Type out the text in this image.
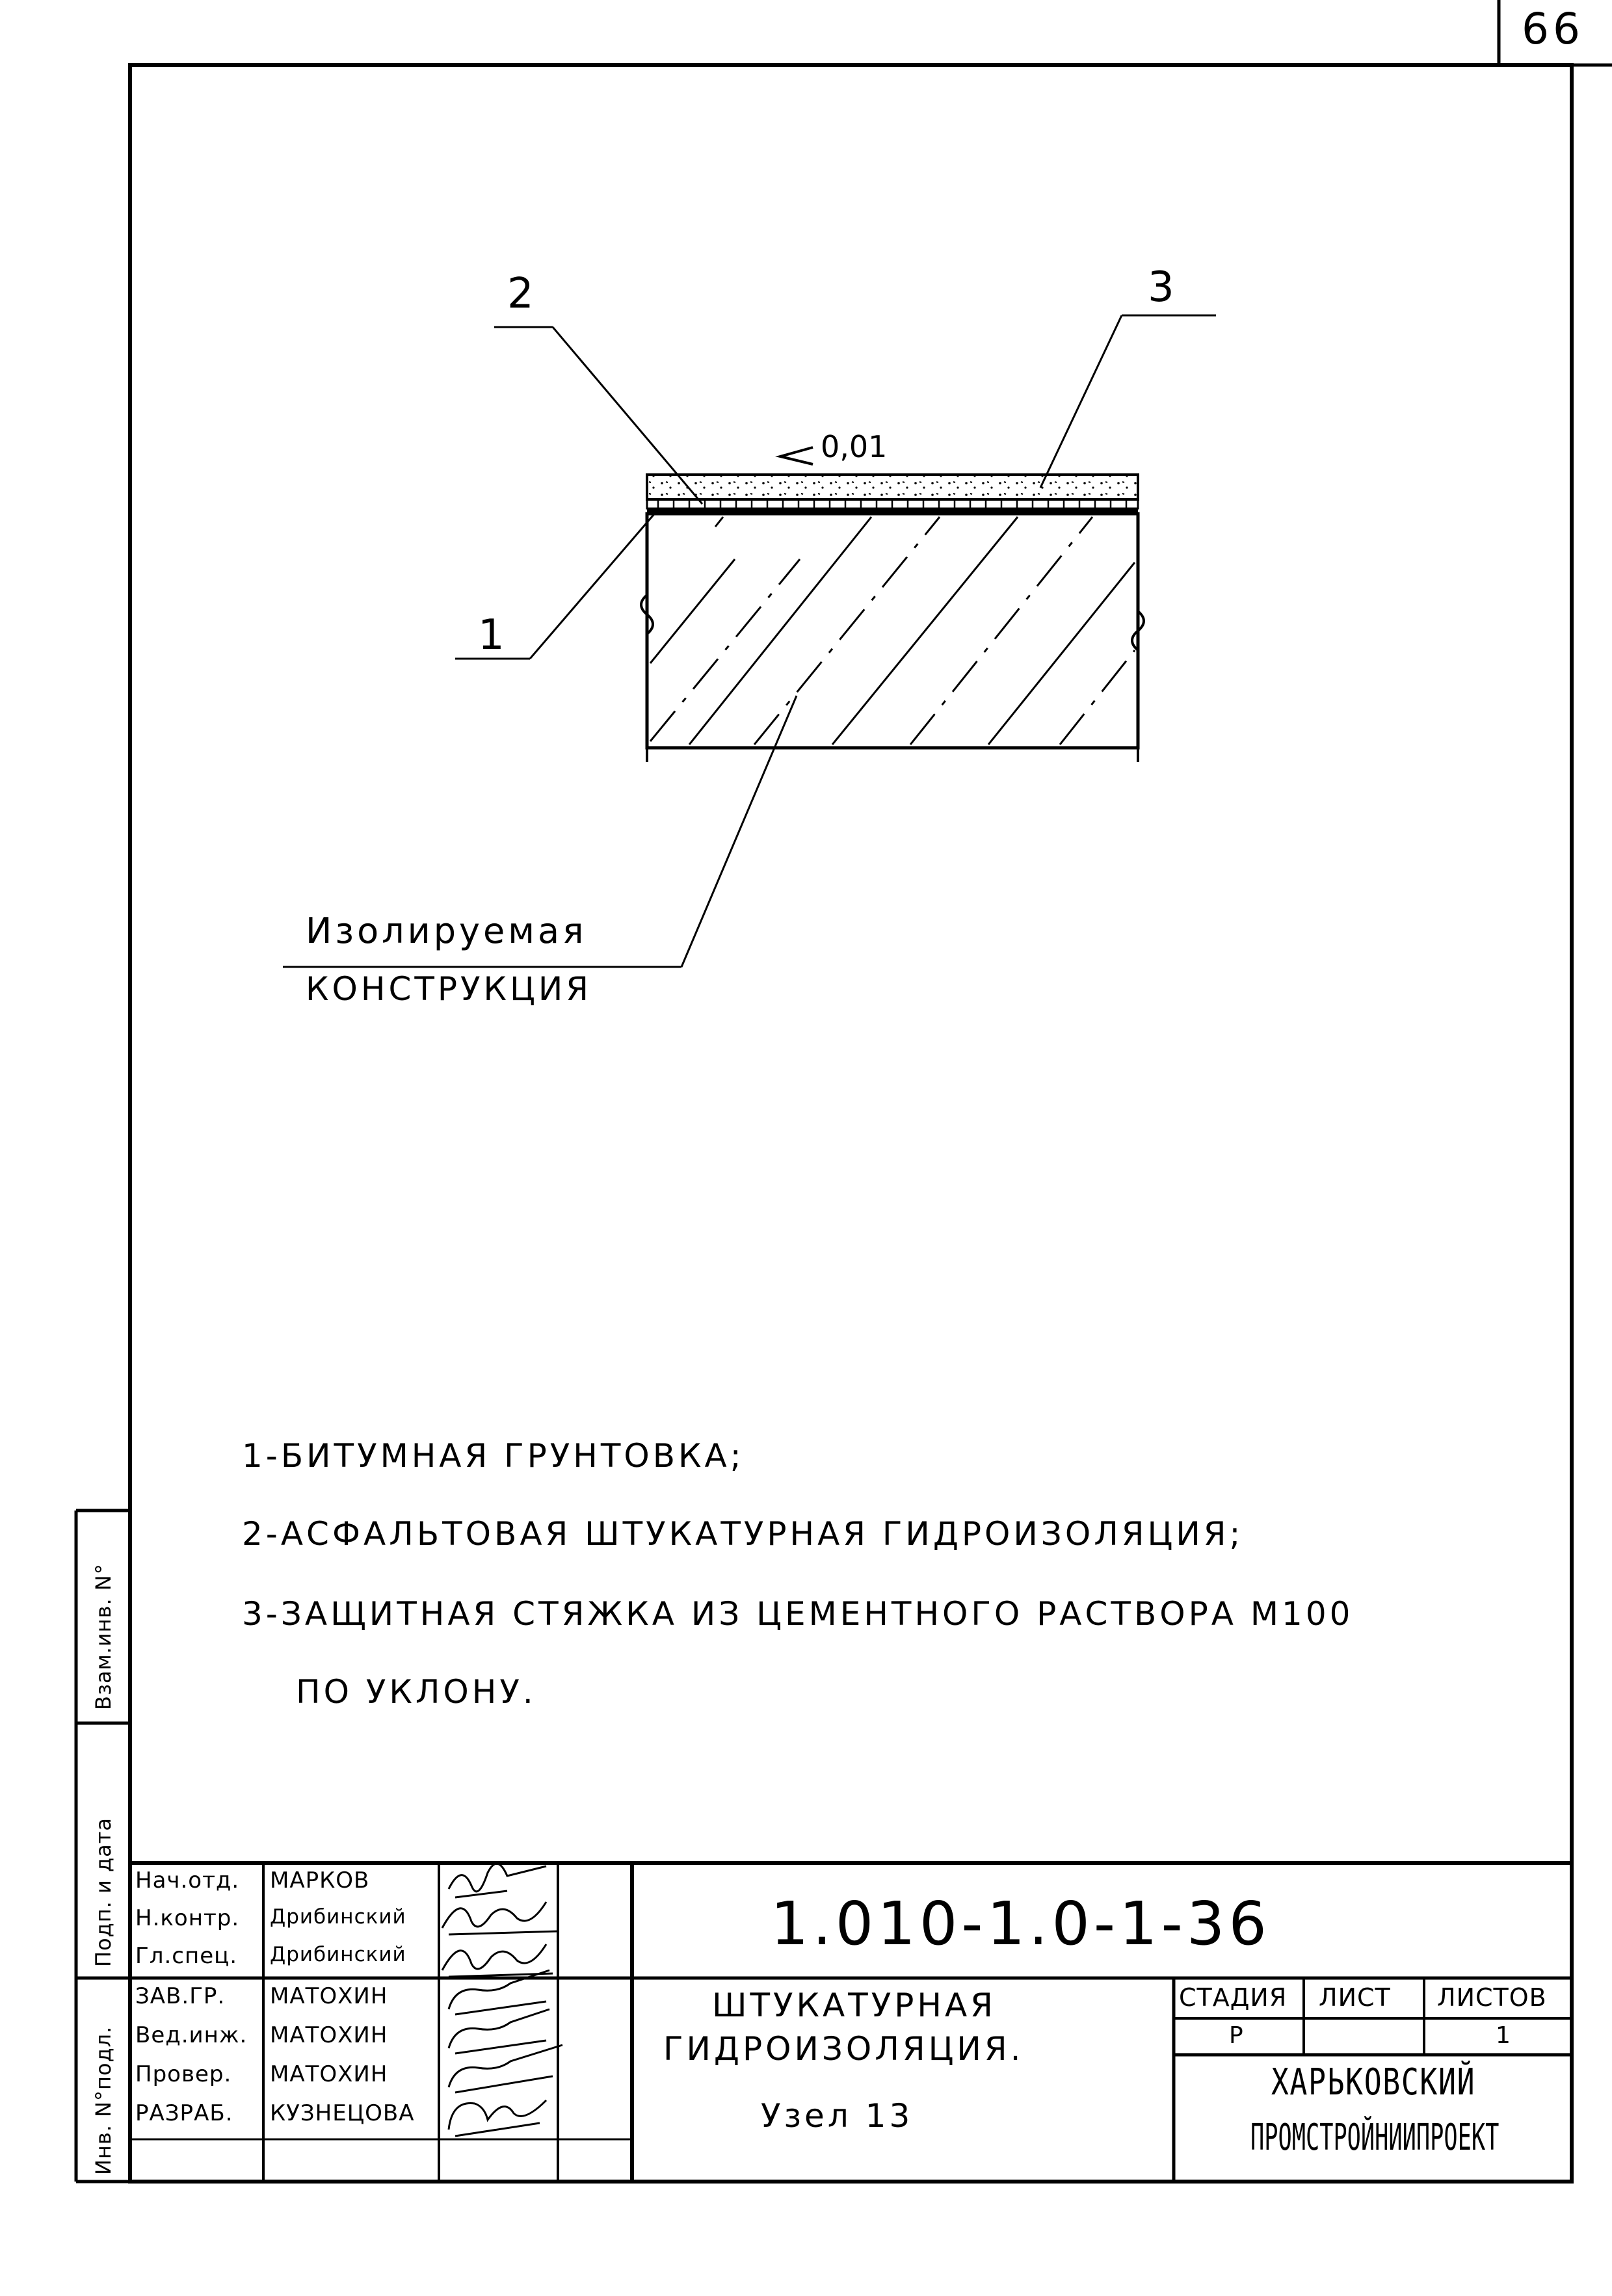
66
2	3
1
0,01
Изолируемая
КОНСТРУКЦИЯ
1-БИТУМНАЯ ГРУНТОВКА;
2-АСФАЛЬТОВАЯ ШТУКАТУРНАЯ ГИДРОИЗОЛЯЦИЯ;
3-ЗАЩИТНАЯ СТЯЖКА ИЗ ЦЕМЕНТНОГО РАСТВОРА М100
ПО УКЛОНУ.
Инв. N°подл.
Подп. и дата
Взам.инв. N°
Нач.отд. МАРКОВ
Н.контр. Дрибинский
Гл.спец. Дрибинский
ЗАВ.ГР. МАТОХИН
Вед.инж. МАТОХИН
Провер. МАТОХИН
РАЗРАБ. КУЗНЕЦОВА
1.010-1.0-1-36
ШТУКАТУРНАЯ
ГИДРОИЗОЛЯЦИЯ.
Узел 13
СТАДИЯ ЛИСТ ЛИСТОВ
Р	1
ХАРЬКОВСКИЙ
ПРОМСТРОЙНИИПРОЕКТ
